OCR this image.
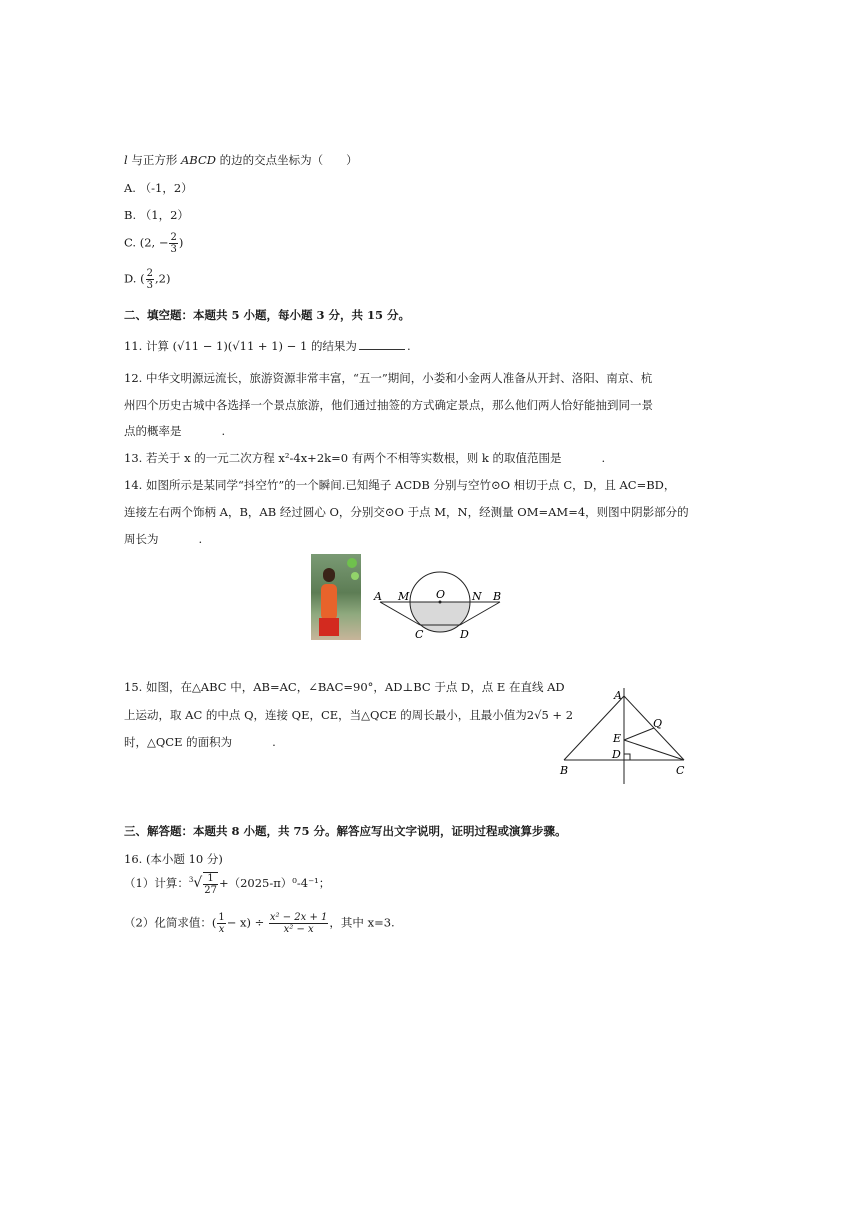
l 与正方形 ABCD 的边的交点坐标为（　　）
A. （-1，2）
B. （1，2）
C. (2, − $\frac{2}{3}$ )
D. ( $\frac{2}{3} ,2$)
二、填空题：本题共 5 小题，每小题 3 分，共 15 分。
11. 计算 (√11 − 1)(√11 + 1) − 1 的结果为	.
12. 中华文明源远流长，旅游资源非常丰富，“五一”期间，小娄和小金两人准备从开封、洛阳、南京、杭
州四个历史古城中各选择一个景点旅游，他们通过抽签的方式确定景点，那么他们两人恰好能抽到同一景
点的概率是	.
13. 若关于 x 的一元二次方程 x²-4x+2k=0 有两个不相等实数根，则 k 的取值范围是	.
14. 如图所示是某同学“抖空竹”的一个瞬间.已知绳子 ACDB 分别与空竹⊙O 相切于点 C，D，且 AC=BD，
连接左右两个饰柄 A，B，AB 经过圆心 O，分别交⊙O 于点 M，N，经测量 OM=AM=4，则图中阴影部分的
周长为	.
A M O N B
C	D
15. 如图，在△ABC 中，AB=AC，∠BAC=90°，AD⊥BC 于点 D，点 E 在直线 AD
上运动，取 AC 的中点 Q，连接 QE，CE，当△QCE 的周长最小，且最小值为2√5 + 2
时，△QCE 的面积为	.
A
Q
E
D
B	C
三、解答题：本题共 8 小题，共 75 分。解答应写出文字说明，证明过程或演算步骤。
16. (本小题 10 分)
（1）计算：$^3√ \frac{1}{27} +(2025-\pi)^0-4^{-1}$；
（2）化简求值：( $\frac{1}{x} - x) \div \frac{\text{x² − 2x + 1}}{\text{x² − x}}$ ，其中 x=3.
